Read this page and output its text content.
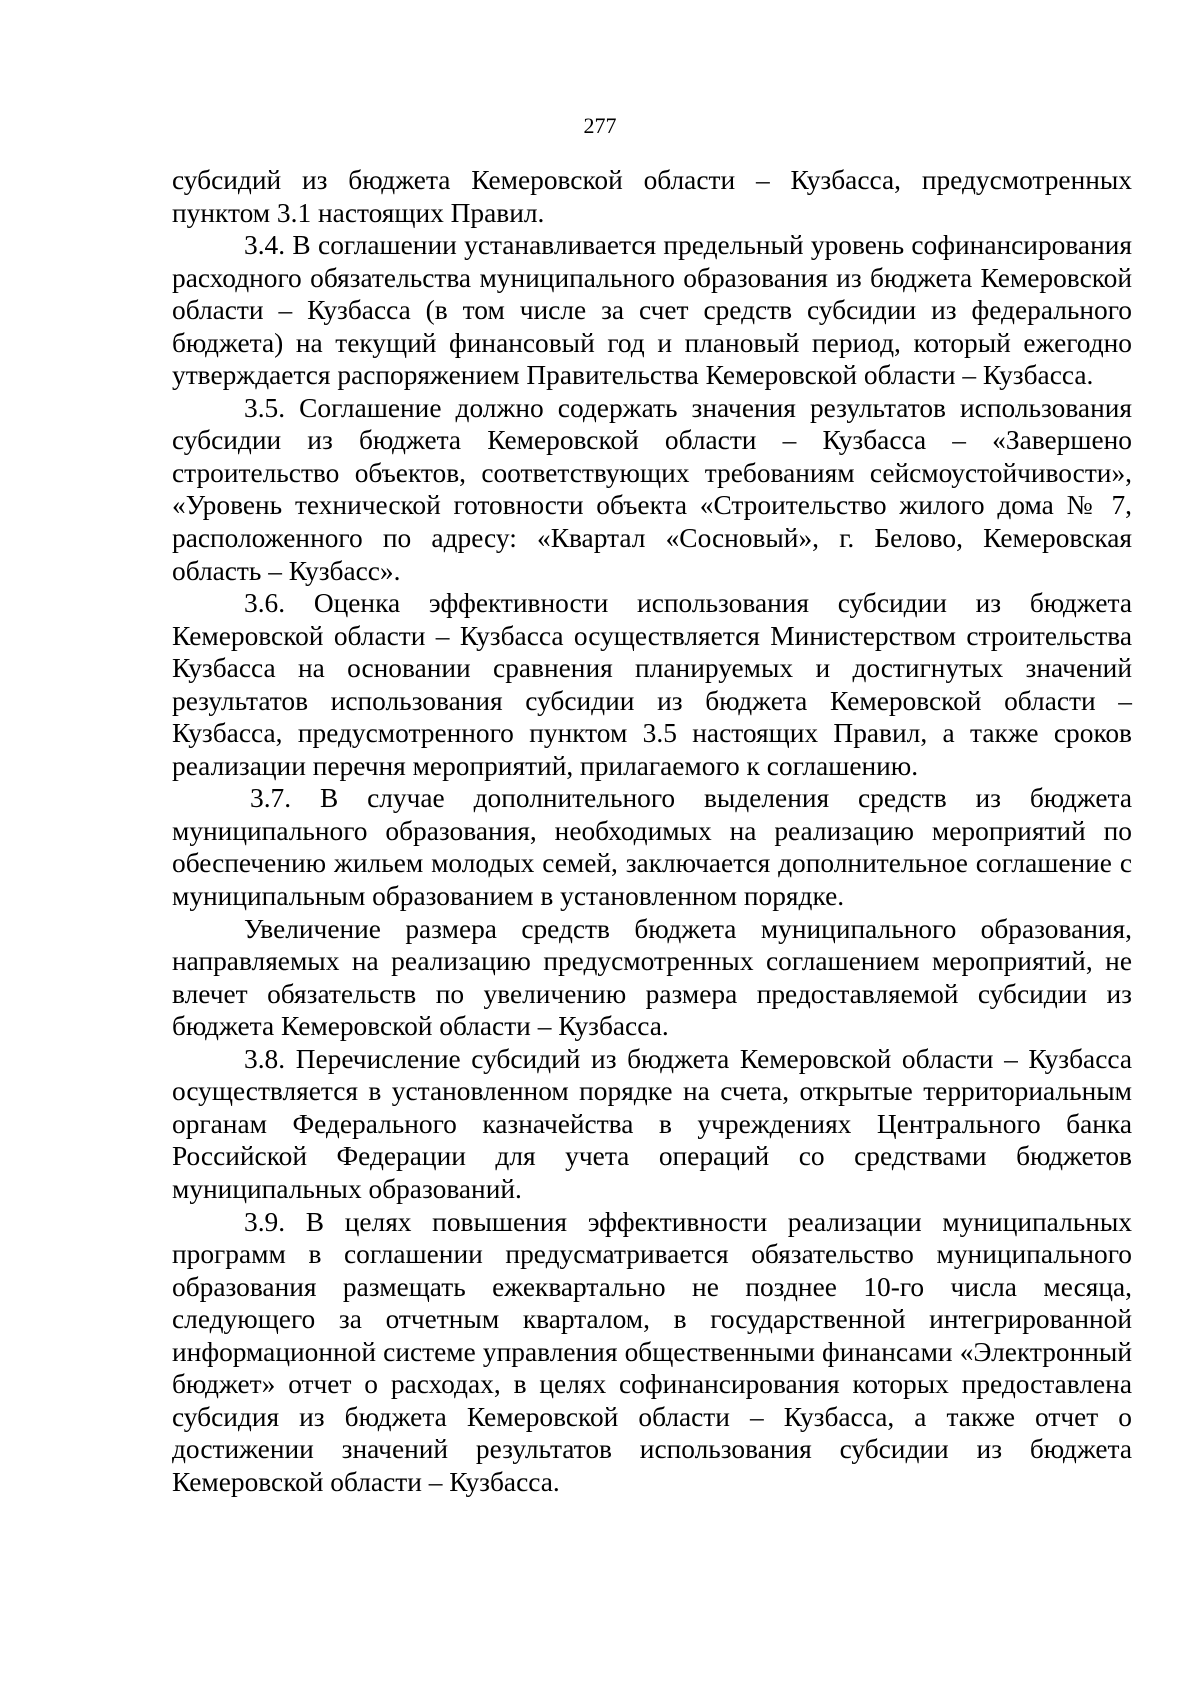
277

субсидий из бюджета Кемеровской области – Кузбасса, предусмотренных пунктом 3.1 настоящих Правил.

3.4. В соглашении устанавливается предельный уровень софинансирования расходного обязательства муниципального образования из бюджета Кемеровской области – Кузбасса (в том числе за счет средств субсидии из федерального бюджета) на текущий финансовый год и плановый период, который ежегодно утверждается распоряжением Правительства Кемеровской области – Кузбасса.

3.5. Соглашение должно содержать значения результатов использования субсидии из бюджета Кемеровской области – Кузбасса – «Завершено строительство объектов, соответствующих требованиям сейсмоустойчивости», «Уровень технической готовности объекта «Строительство жилого дома № 7, расположенного по адресу: «Квартал «Сосновый», г. Белово, Кемеровская область – Кузбасс».

3.6. Оценка эффективности использования субсидии из бюджета Кемеровской области – Кузбасса осуществляется Министерством строительства Кузбасса на основании сравнения планируемых и достигнутых значений результатов использования субсидии из бюджета Кемеровской области – Кузбасса, предусмотренного пунктом 3.5 настоящих Правил, а также сроков реализации перечня мероприятий, прилагаемого к соглашению.

3.7. В случае дополнительного выделения средств из бюджета муниципального образования, необходимых на реализацию мероприятий по обеспечению жильем молодых семей, заключается дополнительное соглашение с муниципальным образованием в установленном порядке.

Увеличение размера средств бюджета муниципального образования, направляемых на реализацию предусмотренных соглашением мероприятий, не влечет обязательств по увеличению размера предоставляемой субсидии из бюджета Кемеровской области – Кузбасса.

3.8. Перечисление субсидий из бюджета Кемеровской области – Кузбасса осуществляется в установленном порядке на счета, открытые территориальным органам Федерального казначейства в учреждениях Центрального банка Российской Федерации для учета операций со средствами бюджетов муниципальных образований.

3.9. В целях повышения эффективности реализации муниципальных программ в соглашении предусматривается обязательство муниципального образования размещать ежеквартально не позднее 10-го числа месяца, следующего за отчетным кварталом, в государственной интегрированной информационной системе управления общественными финансами «Электронный бюджет» отчет о расходах, в целях софинансирования которых предоставлена субсидия из бюджета Кемеровской области – Кузбасса, а также отчет о достижении значений результатов использования субсидии из бюджета Кемеровской области – Кузбасса.
